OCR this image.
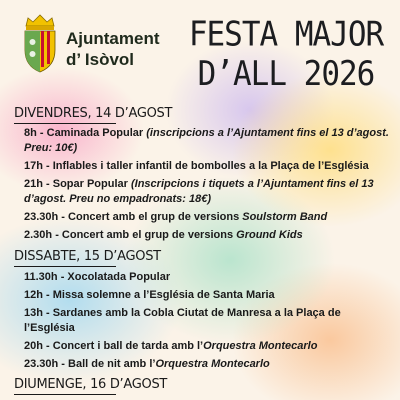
Ajuntament
d’ Isòvol
FESTA MAJOR
D’ALL 2026
DIVENDRES, 14 D’AGOST
8h - Caminada Popular (inscripcions a l’Ajuntament fins el 13 d’agost. Preu: 10€)
17h - Inflables i taller infantil de bombolles a la Plaça de l’Església
21h - Sopar Popular (Inscripcions i tiquets a l’Ajuntament fins el 13 d’agost. Preu no empadronats: 18€)
23.30h - Concert amb el grup de versions Soulstorm Band
2.30h - Concert amb el grup de versions Ground Kids
DISSABTE, 15 D’AGOST
11.30h - Xocolatada Popular
12h - Missa solemne a l’Església de Santa Maria
13h - Sardanes amb la Cobla Ciutat de Manresa a la Plaça de l’Església
20h - Concert i ball de tarda amb l’Orquestra Montecarlo
23.30h - Ball de nit amb l’Orquestra Montecarlo
DIUMENGE, 16 D’AGOST
